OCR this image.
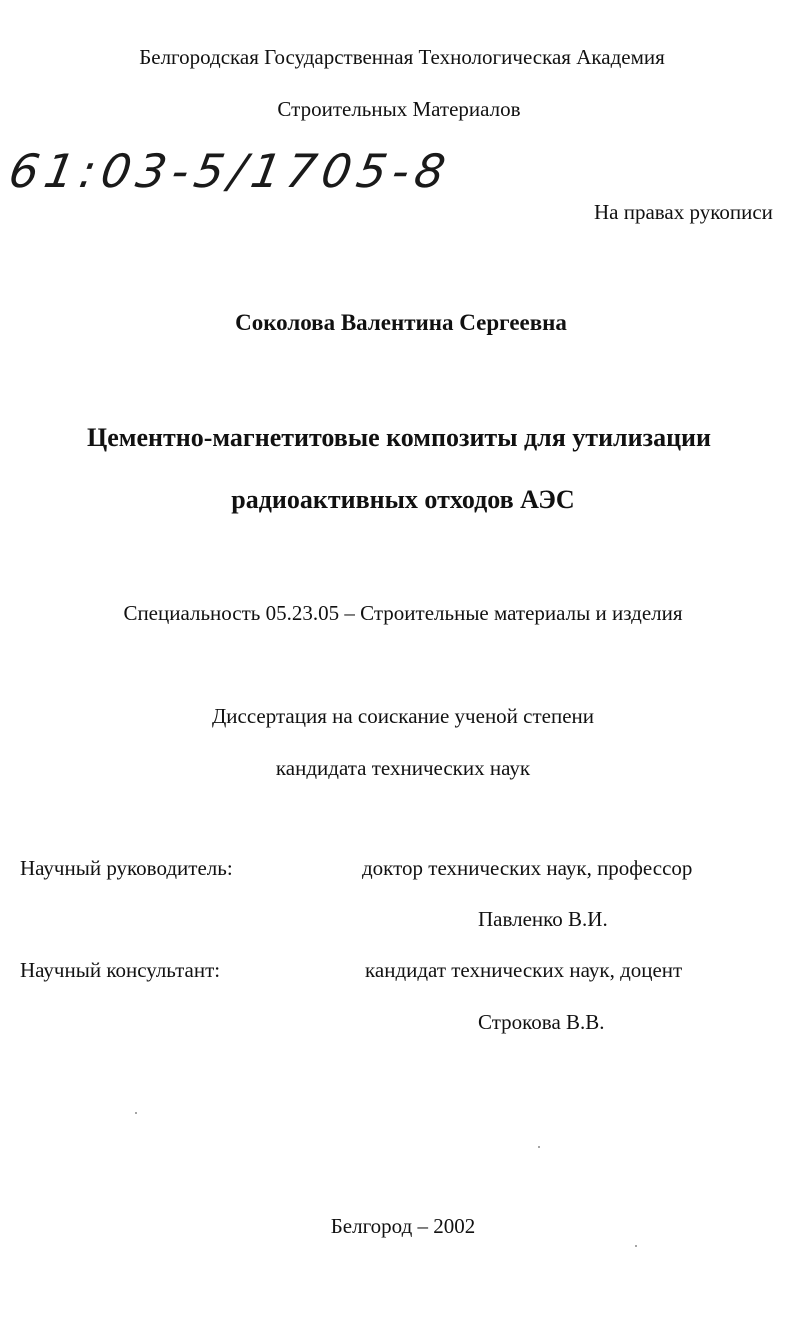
Белгородская Государственная Технологическая Академия
Строительных Материалов
61:03-5/1705-8
На правах рукописи
Соколова Валентина Сергеевна
Цементно-магнетитовые композиты для утилизации
радиоактивных отходов АЭС
Специальность 05.23.05 – Строительные материалы и изделия
Диссертация на соискание ученой степени
кандидата технических наук
Научный руководитель:	доктор технических наук, профессор
Павленко В.И.
Научный консультант:	кандидат технических наук, доцент
Строкова В.В.
Белгород – 2002
